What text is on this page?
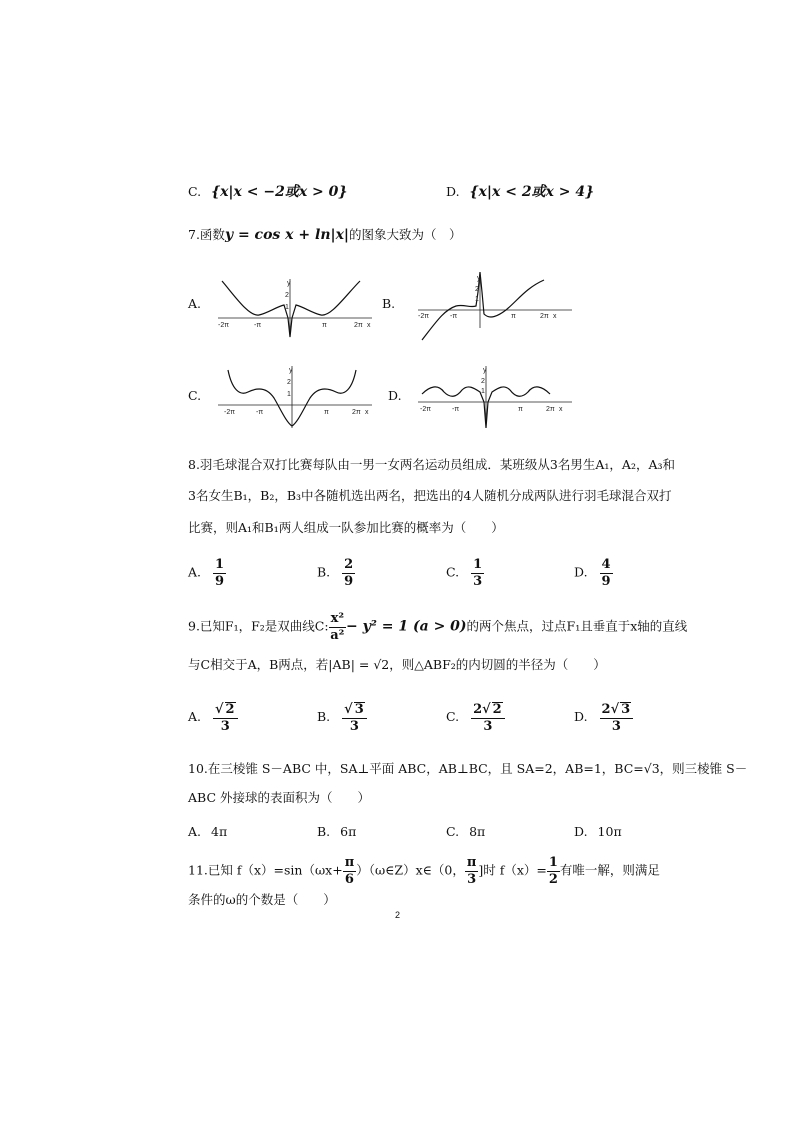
C. {x|x < −2或x > 0}	D. {x|x < 2或x > 4}
7.函数y = cos x + ln|x|的图象大致为（　）
A.	B.
C.	D.
y
2
1
-2π	-π	π	2π x
y
2
1
-2π	-π	π	2π x
y
2
1
-2π	-π	π	2π x
y
2
1
-2π	-π	π	2π x
8.羽毛球混合双打比赛每队由一男一女两名运动员组成．某班级从3名男生A₁，A₂，A₃和
3名女生B₁，B₂，B₃中各随机选出两名，把选出的4人随机分成两队进行羽毛球混合双打
比赛，则A₁和B₁两人组成一队参加比赛的概率为（　　）
A. $\frac{1}{9}$	B. $\frac{2}{9}$	C. $\frac{1}{3}$	D. $\frac{4}{9}$
9.已知F₁，F₂是双曲线C: $\frac{\text{x²}}{\text{a²}} - y^2 = 1$ (a > 0)的两个焦点，过点F₁且垂直于x轴的直线
与C相交于A，B两点，若|AB| = √2，则△ABF₂的内切圆的半径为（　　）
A. $\frac{√ 2}{3}$	B. $\frac{√ 3}{3}$	C. $\frac{2√ 2}{3}$	D. $\frac{2√ 3}{3}$
10.在三棱锥 S－ABC 中，SA⊥平面 ABC，AB⊥BC，且 SA=2，AB=1，BC=√3，则三棱锥 S－
ABC 外接球的表面积为（　　）
A. 4π	B. 6π	C. 8π	D. 10π
11.已知 $f(x)=\sin(\omega x+ \frac{\pi}{6}$ ）（ω∈Z）x∈（0， $\frac{\pi}{3}$ ]时 $f(x)= \frac{1}{2}$ 有唯一解，则满足
条件的ω的个数是（　　）
2
